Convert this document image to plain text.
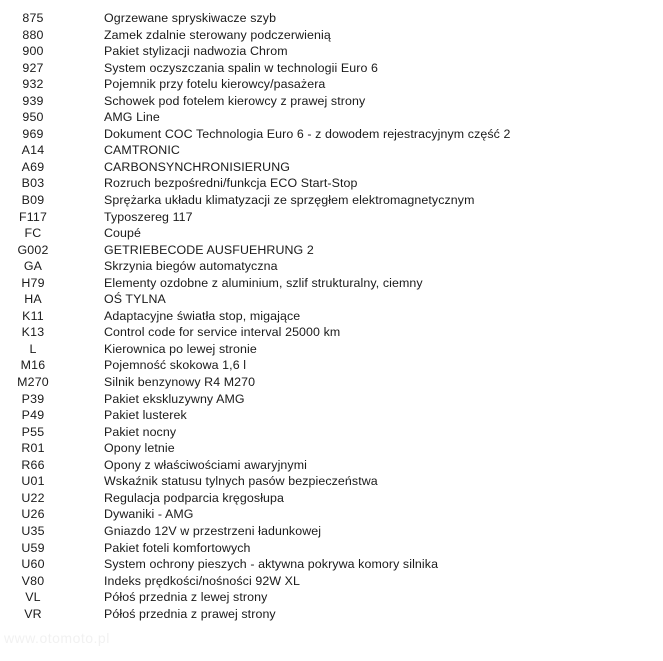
875	Ogrzewane spryskiwacze szyb
880	Zamek zdalnie sterowany podczerwienią
900	Pakiet stylizacji nadwozia Chrom
927	System oczyszczania spalin w technologii Euro 6
932	Pojemnik przy fotelu kierowcy/pasażera
939	Schowek pod fotelem kierowcy z prawej strony
950	AMG Line
969	Dokument COC Technologia Euro 6 - z dowodem rejestracyjnym część 2
A14	CAMTRONIC
A69	CARBONSYNCHRONISIERUNG
B03	Rozruch bezpośredni/funkcja ECO Start-Stop
B09	Sprężarka układu klimatyzacji ze sprzęgłem elektromagnetycznym
F117	Typoszereg 117
FC	Coupé
G002	GETRIEBECODE AUSFUEHRUNG 2
GA	Skrzynia biegów automatyczna
H79	Elementy ozdobne z aluminium, szlif strukturalny, ciemny
HA	OŚ TYLNA
K11	Adaptacyjne światła stop, migające
K13	Control code for service interval 25000 km
L	Kierownica po lewej stronie
M16	Pojemność skokowa 1,6 l
M270	Silnik benzynowy R4 M270
P39	Pakiet ekskluzywny AMG
P49	Pakiet lusterek
P55	Pakiet nocny
R01	Opony letnie
R66	Opony z właściwościami awaryjnymi
U01	Wskaźnik statusu tylnych pasów bezpieczeństwa
U22	Regulacja podparcia kręgosłupa
U26	Dywaniki - AMG
U35	Gniazdo 12V w przestrzeni ładunkowej
U59	Pakiet foteli komfortowych
U60	System ochrony pieszych - aktywna pokrywa komory silnika
V80	Indeks prędkości/nośności 92W XL
VL	Półoś przednia z lewej strony
VR	Półoś przednia z prawej strony
www.otomoto.pl
